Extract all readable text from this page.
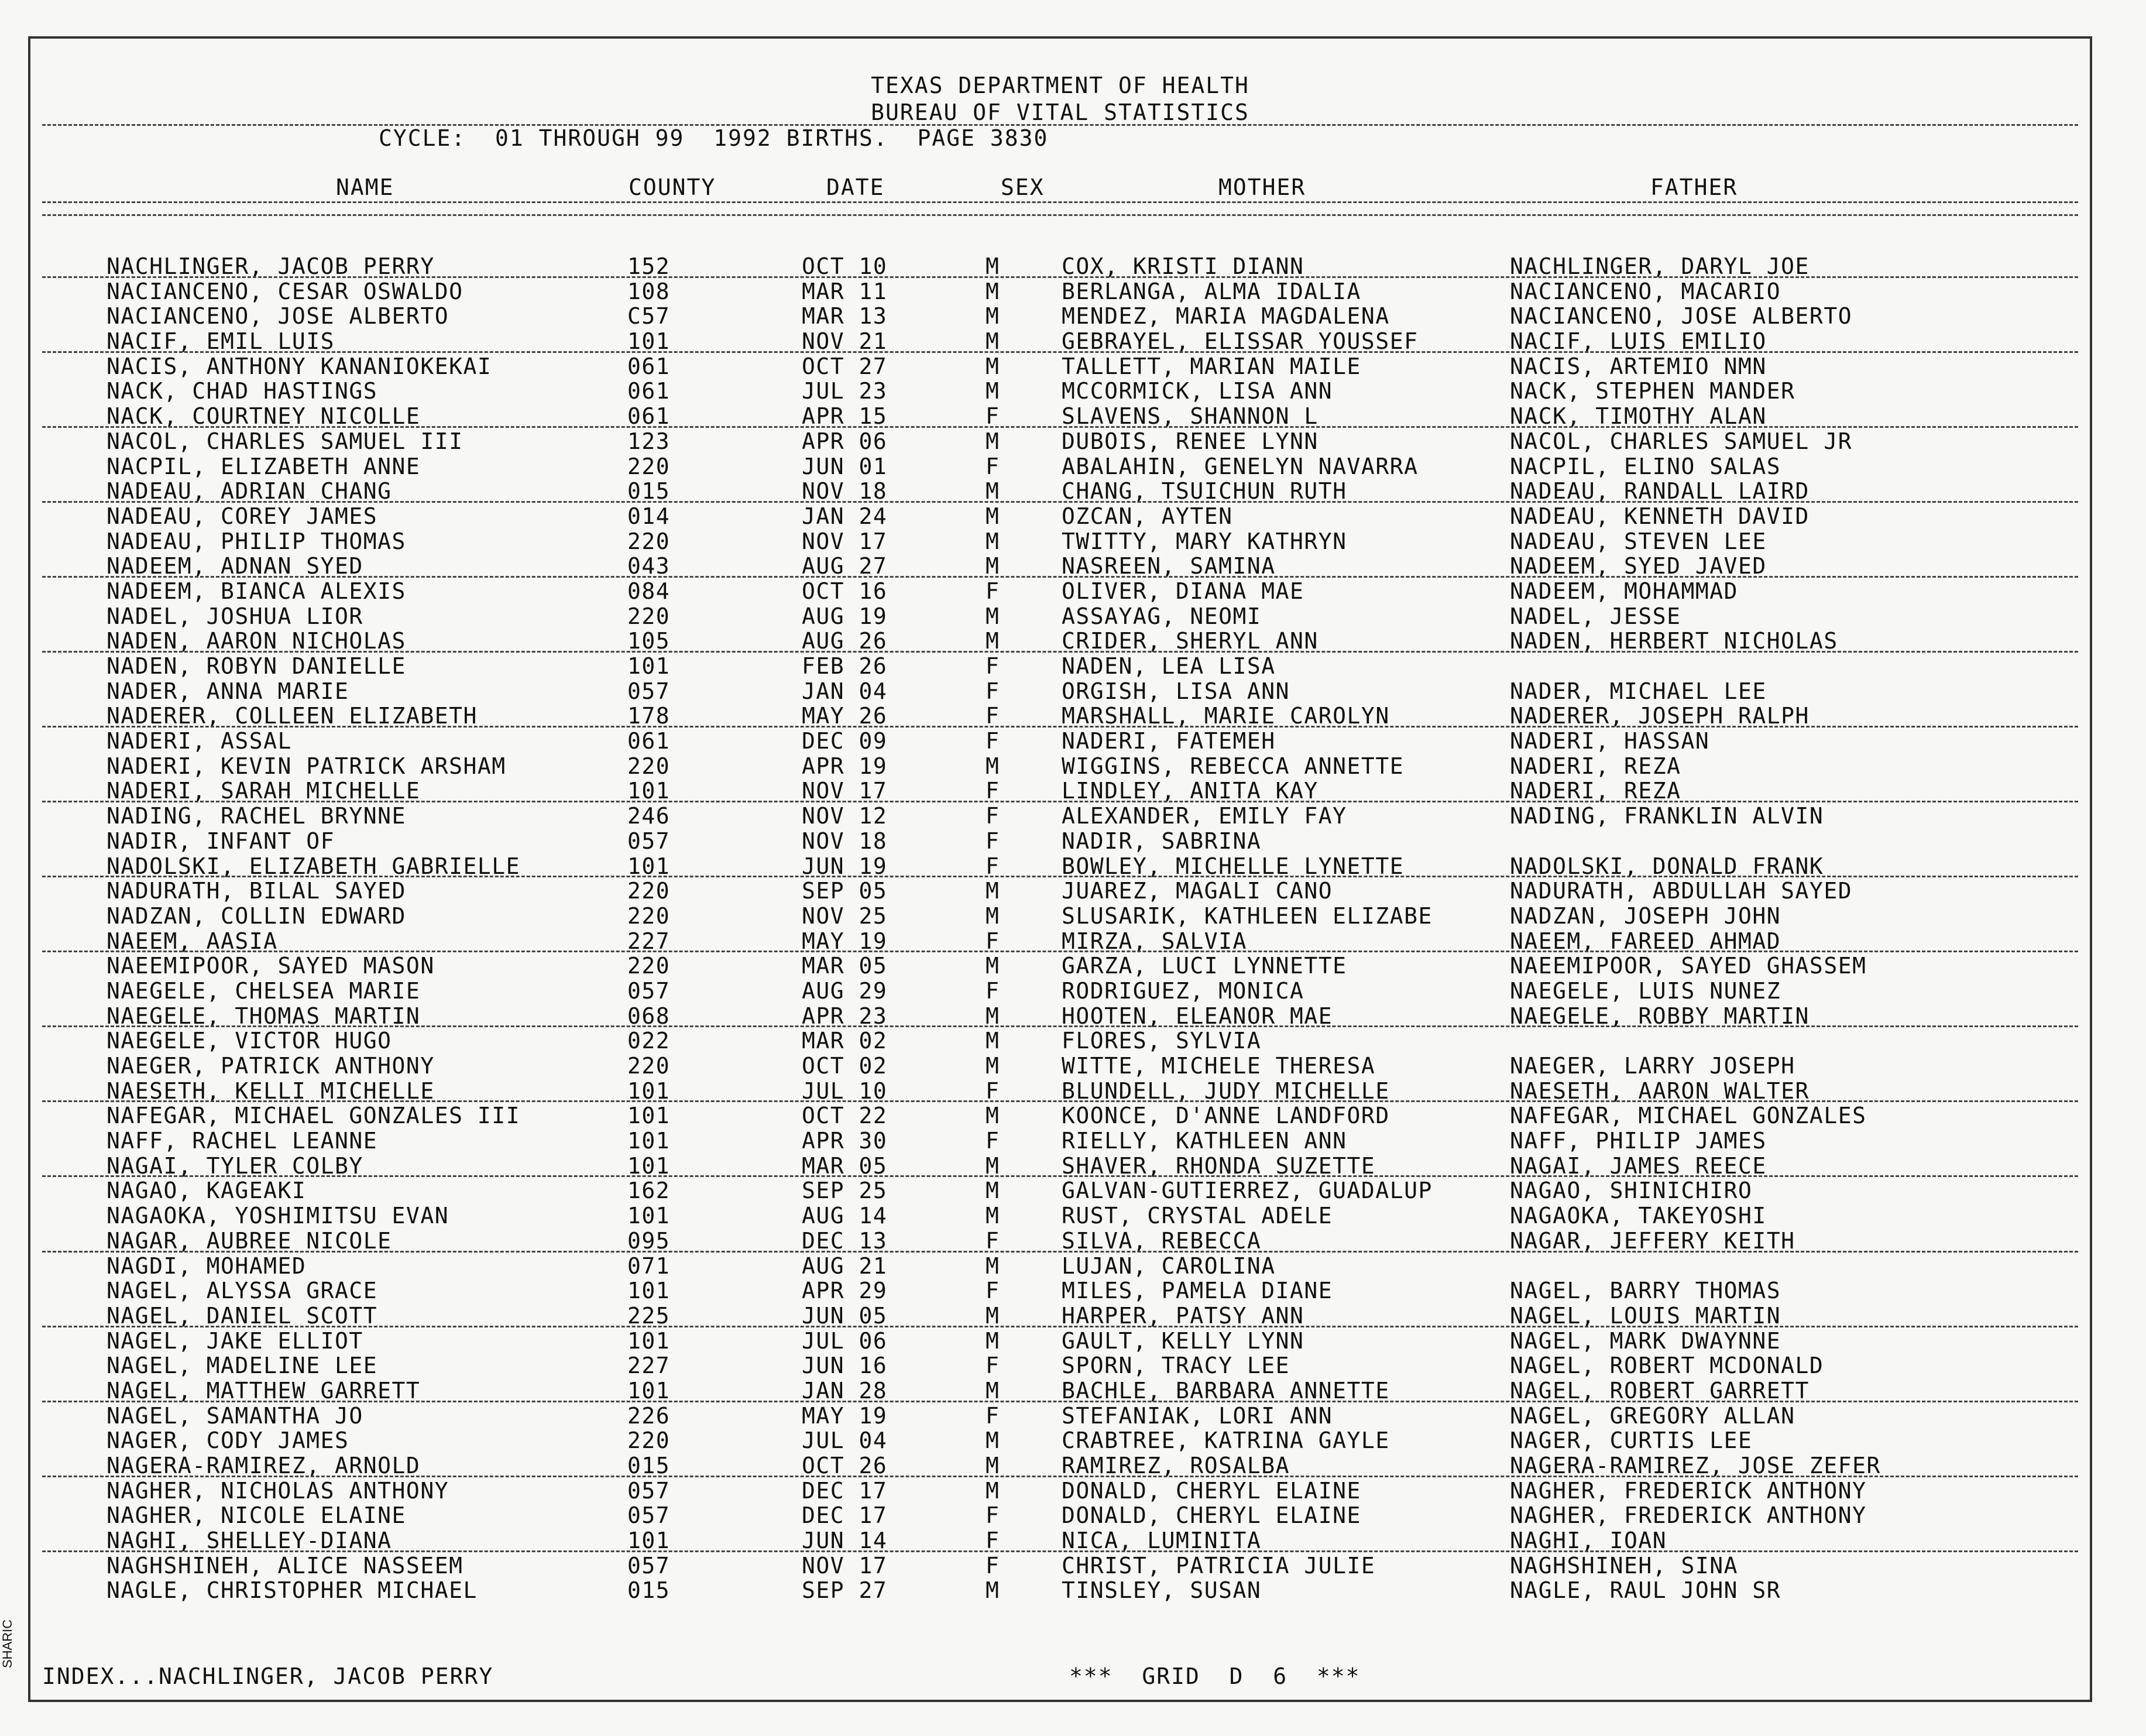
TEXAS DEPARTMENT OF HEALTH
BUREAU OF VITAL STATISTICS
CYCLE:  01 THROUGH 99  1992 BIRTHS.  PAGE 3830
NAME	COUNTY	DATE	SEX	MOTHER	FATHER
NACHLINGER, JACOB PERRY	152	OCT 10	M	COX, KRISTI DIANN	NACHLINGER, DARYL JOE
NACIANCENO, CESAR OSWALDO	108	MAR 11	M	BERLANGA, ALMA IDALIA	NACIANCENO, MACARIO
NACIANCENO, JOSE ALBERTO	C57	MAR 13	M	MENDEZ, MARIA MAGDALENA	NACIANCENO, JOSE ALBERTO
NACIF, EMIL LUIS	101	NOV 21	M	GEBRAYEL, ELISSAR YOUSSEF	NACIF, LUIS EMILIO
NACIS, ANTHONY KANANIOKEKAI	061	OCT 27	M	TALLETT, MARIAN MAILE	NACIS, ARTEMIO NMN
NACK, CHAD HASTINGS	061	JUL 23	M	MCCORMICK, LISA ANN	NACK, STEPHEN MANDER
NACK, COURTNEY NICOLLE	061	APR 15	F	SLAVENS, SHANNON L	NACK, TIMOTHY ALAN
NACOL, CHARLES SAMUEL III	123	APR 06	M	DUBOIS, RENEE LYNN	NACOL, CHARLES SAMUEL JR
NACPIL, ELIZABETH ANNE	220	JUN 01	F	ABALAHIN, GENELYN NAVARRA	NACPIL, ELINO SALAS
NADEAU, ADRIAN CHANG	015	NOV 18	M	CHANG, TSUICHUN RUTH	NADEAU, RANDALL LAIRD
NADEAU, COREY JAMES	014	JAN 24	M	OZCAN, AYTEN	NADEAU, KENNETH DAVID
NADEAU, PHILIP THOMAS	220	NOV 17	M	TWITTY, MARY KATHRYN	NADEAU, STEVEN LEE
NADEEM, ADNAN SYED	043	AUG 27	M	NASREEN, SAMINA	NADEEM, SYED JAVED
NADEEM, BIANCA ALEXIS	084	OCT 16	F	OLIVER, DIANA MAE	NADEEM, MOHAMMAD
NADEL, JOSHUA LIOR	220	AUG 19	M	ASSAYAG, NEOMI	NADEL, JESSE
NADEN, AARON NICHOLAS	105	AUG 26	M	CRIDER, SHERYL ANN	NADEN, HERBERT NICHOLAS
NADEN, ROBYN DANIELLE	101	FEB 26	F	NADEN, LEA LISA
NADER, ANNA MARIE	057	JAN 04	F	ORGISH, LISA ANN	NADER, MICHAEL LEE
NADERER, COLLEEN ELIZABETH	178	MAY 26	F	MARSHALL, MARIE CAROLYN	NADERER, JOSEPH RALPH
NADERI, ASSAL	061	DEC 09	F	NADERI, FATEMEH	NADERI, HASSAN
NADERI, KEVIN PATRICK ARSHAM	220	APR 19	M	WIGGINS, REBECCA ANNETTE	NADERI, REZA
NADERI, SARAH MICHELLE	101	NOV 17	F	LINDLEY, ANITA KAY	NADERI, REZA
NADING, RACHEL BRYNNE	246	NOV 12	F	ALEXANDER, EMILY FAY	NADING, FRANKLIN ALVIN
NADIR, INFANT OF	057	NOV 18	F	NADIR, SABRINA
NADOLSKI, ELIZABETH GABRIELLE	101	JUN 19	F	BOWLEY, MICHELLE LYNETTE	NADOLSKI, DONALD FRANK
NADURATH, BILAL SAYED	220	SEP 05	M	JUAREZ, MAGALI CANO	NADURATH, ABDULLAH SAYED
NADZAN, COLLIN EDWARD	220	NOV 25	M	SLUSARIK, KATHLEEN ELIZABE	NADZAN, JOSEPH JOHN
NAEEM, AASIA	227	MAY 19	F	MIRZA, SALVIA	NAEEM, FAREED AHMAD
NAEEMIPOOR, SAYED MASON	220	MAR 05	M	GARZA, LUCI LYNNETTE	NAEEMIPOOR, SAYED GHASSEM
NAEGELE, CHELSEA MARIE	057	AUG 29	F	RODRIGUEZ, MONICA	NAEGELE, LUIS NUNEZ
NAEGELE, THOMAS MARTIN	068	APR 23	M	HOOTEN, ELEANOR MAE	NAEGELE, ROBBY MARTIN
NAEGELE, VICTOR HUGO	022	MAR 02	M	FLORES, SYLVIA
NAEGER, PATRICK ANTHONY	220	OCT 02	M	WITTE, MICHELE THERESA	NAEGER, LARRY JOSEPH
NAESETH, KELLI MICHELLE	101	JUL 10	F	BLUNDELL, JUDY MICHELLE	NAESETH, AARON WALTER
NAFEGAR, MICHAEL GONZALES III	101	OCT 22	M	KOONCE, D'ANNE LANDFORD	NAFEGAR, MICHAEL GONZALES
NAFF, RACHEL LEANNE	101	APR 30	F	RIELLY, KATHLEEN ANN	NAFF, PHILIP JAMES
NAGAI, TYLER COLBY	101	MAR 05	M	SHAVER, RHONDA SUZETTE	NAGAI, JAMES REECE
NAGAO, KAGEAKI	162	SEP 25	M	GALVAN-GUTIERREZ, GUADALUP	NAGAO, SHINICHIRO
NAGAOKA, YOSHIMITSU EVAN	101	AUG 14	M	RUST, CRYSTAL ADELE	NAGAOKA, TAKEYOSHI
NAGAR, AUBREE NICOLE	095	DEC 13	F	SILVA, REBECCA	NAGAR, JEFFERY KEITH
NAGDI, MOHAMED	071	AUG 21	M	LUJAN, CAROLINA
NAGEL, ALYSSA GRACE	101	APR 29	F	MILES, PAMELA DIANE	NAGEL, BARRY THOMAS
NAGEL, DANIEL SCOTT	225	JUN 05	M	HARPER, PATSY ANN	NAGEL, LOUIS MARTIN
NAGEL, JAKE ELLIOT	101	JUL 06	M	GAULT, KELLY LYNN	NAGEL, MARK DWAYNNE
NAGEL, MADELINE LEE	227	JUN 16	F	SPORN, TRACY LEE	NAGEL, ROBERT MCDONALD
NAGEL, MATTHEW GARRETT	101	JAN 28	M	BACHLE, BARBARA ANNETTE	NAGEL, ROBERT GARRETT
NAGEL, SAMANTHA JO	226	MAY 19	F	STEFANIAK, LORI ANN	NAGEL, GREGORY ALLAN
NAGER, CODY JAMES	220	JUL 04	M	CRABTREE, KATRINA GAYLE	NAGER, CURTIS LEE
NAGERA-RAMIREZ, ARNOLD	015	OCT 26	M	RAMIREZ, ROSALBA	NAGERA-RAMIREZ, JOSE ZEFER
NAGHER, NICHOLAS ANTHONY	057	DEC 17	M	DONALD, CHERYL ELAINE	NAGHER, FREDERICK ANTHONY
NAGHER, NICOLE ELAINE	057	DEC 17	F	DONALD, CHERYL ELAINE	NAGHER, FREDERICK ANTHONY
NAGHI, SHELLEY-DIANA	101	JUN 14	F	NICA, LUMINITA	NAGHI, IOAN
NAGHSHINEH, ALICE NASSEEM	057	NOV 17	F	CHRIST, PATRICIA JULIE	NAGHSHINEH, SINA
NAGLE, CHRISTOPHER MICHAEL	015	SEP 27	M	TINSLEY, SUSAN	NAGLE, RAUL JOHN SR
INDEX...NACHLINGER, JACOB PERRY	***  GRID  D  6  ***
SHARIC
